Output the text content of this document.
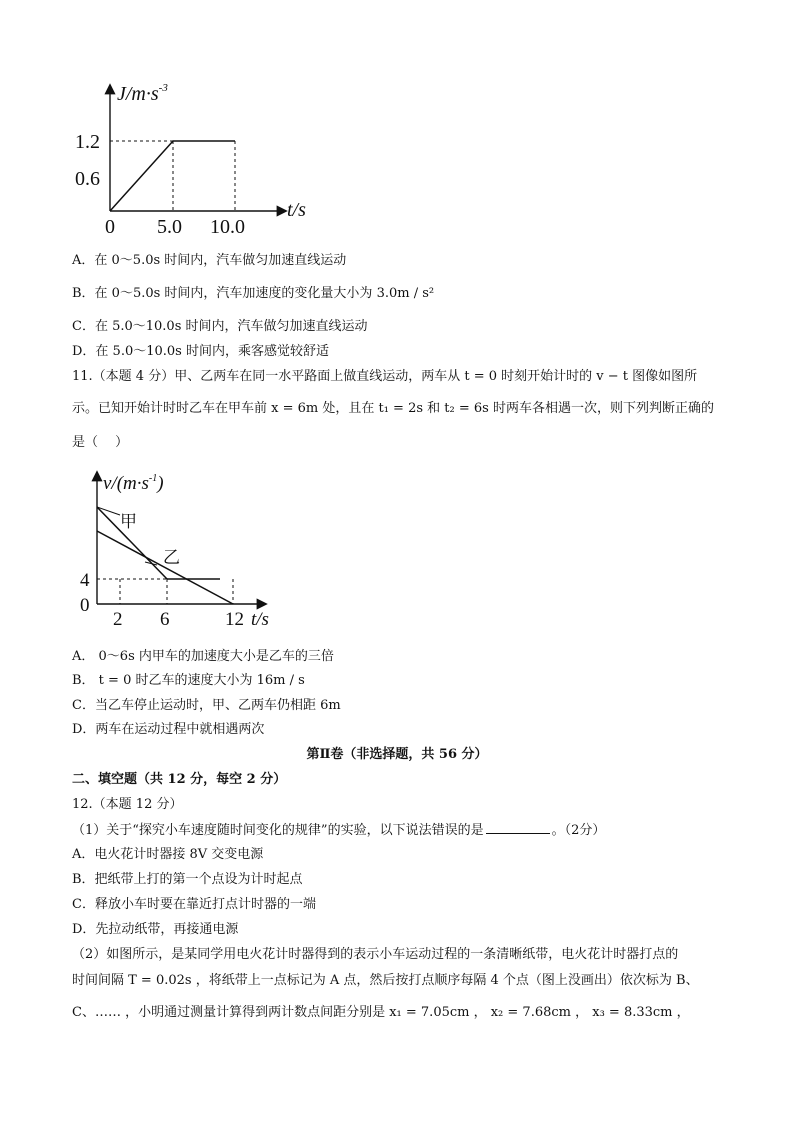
$J/m\cdot s^{-3}$
1.2
0.6
0 5.0 10.0
t/s
A．在 0～5.0s 时间内，汽车做匀加速直线运动
B．在 0～5.0s 时间内，汽车加速度的变化量大小为 3.0m / s²
C．在 5.0～10.0s 时间内，汽车做匀加速直线运动
D．在 5.0～10.0s 时间内，乘客感觉较舒适
11.（本题 4 分）甲、乙两车在同一水平路面上做直线运动，两车从 t = 0 时刻开始计时的 v − t 图像如图所
示。已知开始计时时乙车在甲车前 x = 6m 处，且在 t₁ = 2s 和 t₂ = 6s 时两车各相遇一次，则下列判断正确的
是（　 ）
$v/(m\cdot s^{-1})$
甲
乙
4
0
2 6	12 t/s
A． 0～6s 内甲车的加速度大小是乙车的三倍
B． t = 0 时乙车的速度大小为 16m / s
C．当乙车停止运动时，甲、乙两车仍相距 6m
D．两车在运动过程中就相遇两次
第Ⅱ卷（非选择题，共 56 分）
二、填空题（共 12 分，每空 2 分）
12.（本题 12 分）
（1）关于“探究小车速度随时间变化的规律”的实验，以下说法错误的是	。（2分）
A．电火花计时器接 8V 交变电源
B．把纸带上打的第一个点设为计时起点
C．释放小车时要在靠近打点计时器的一端
D．先拉动纸带，再接通电源
（2）如图所示，是某同学用电火花计时器得到的表示小车运动过程的一条清晰纸带，电火花计时器打点的
时间间隔 T = 0.02s ，将纸带上一点标记为 A 点，然后按打点顺序每隔 4 个点（图上没画出）依次标为 B、
C、…… ，小明通过测量计算得到两计数点间距分别是 x₁ = 7.05cm ， x₂ = 7.68cm ， x₃ = 8.33cm ，
